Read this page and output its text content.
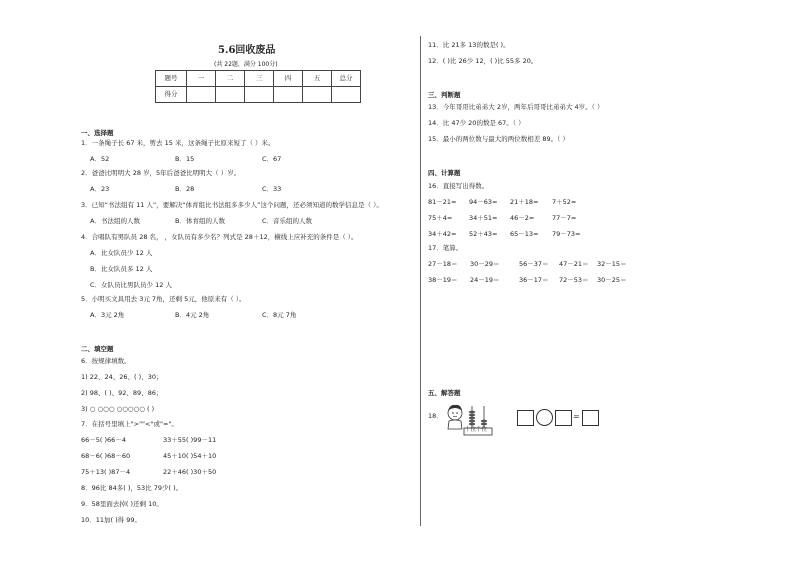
5.6回收废品
(共 22题，满分 100分)
题号	一	二	三	四	五	总分
得分						
一、选择题
1．一条绳子长 67 米，剪去 15 米，这条绳子比原来短了（ ）米。
A．52	B．15	C．67
2．爸爸比明明大 28 岁，5年后爸爸比明明大（ ）岁。
A．23	B．28	C．33
3．已知“书法组有 11 人”，要解决“体育组比书法组多多少人”这个问题，还必须知道的数学信息是（ ）。
A．书法组的人数	B．体育组的人数	C．音乐组的人数
4．合唱队有男队员 28 名， ，女队员有多少名？列式是 28＋12，横线上应补充的条件是（ ）。
A．比女队员少 12 人
B．比女队员多 12 人
C．女队员比男队员少 12 人
5．小明买文具用去 3元 7角，还剩 5元，他原来有（ ）。
A．3元 2角	B．4元 2角	C．8元 7角
二、填空题
6．按规律填数。
1) 22、24、26、( )、30；
2) 98、( )、92、89、86；
3) ○ ○○○ ○○○○○ ( )
7．在括号里填上">""<"或"="。
66－5( )66－4	33＋55( )99－11
68－6( )68－60	45＋10( )54＋10
75＋13( )87－4	22＋46( )30＋50
8．96比 84多( )，53比 79少( )。
9．58里面去掉( )还剩 10。
10．11加( )得 99。
11．比 21多 13的数是( )。
12．( )比 26少 12，( )比 55多 20。
三、判断题
13．今年哥哥比弟弟大 2岁，两年后哥哥比弟弟大 4岁。（ ）
14．比 47少 20的数是 67。（ ）
15．最小的两位数与最大的两位数相差 89。（ ）
四、计算题
16．直接写出得数。
81－21= 94－63= 21＋18= 7＋52=
75＋4=	34＋51= 46－2=	77－7=
34＋42= 52＋43= 65－13= 79－73=
17．笔算。
27－18＝ 30－29＝	56－37＝ 47－21＝ 32－15＝
38－19＝ 24－19＝	36－17＝ 72－53＝ 30－25＝
五、解答题
18．
十位个位
=
